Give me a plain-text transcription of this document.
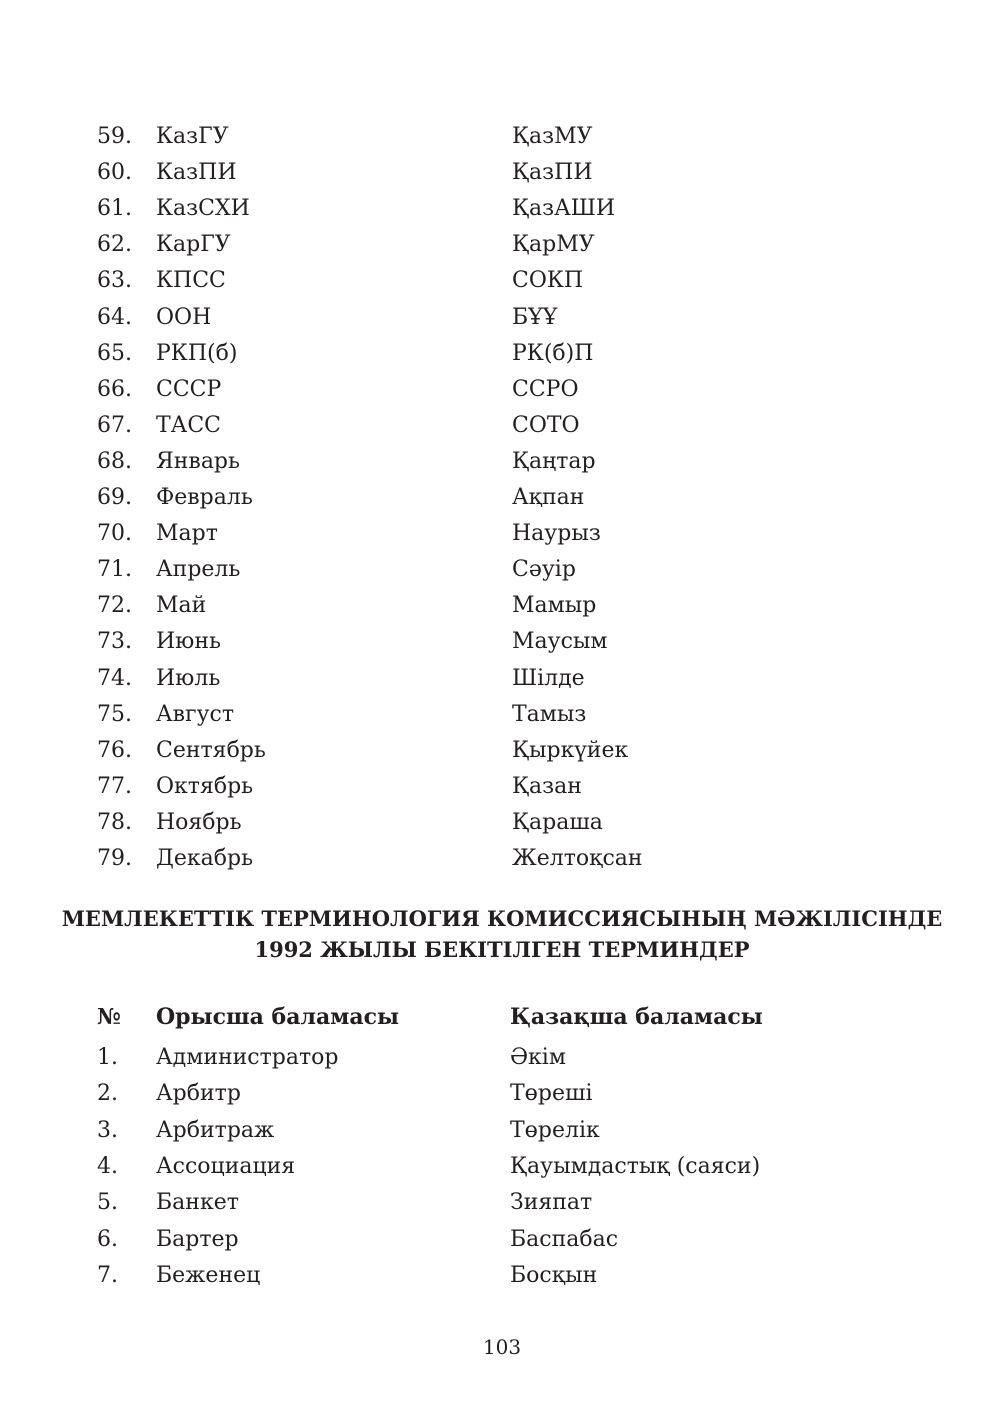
59. КазГУ	ҚазМУ
60. КазПИ	ҚазПИ
61. КазСХИ	ҚазАШИ
62. КарГУ	ҚарМУ
63. КПСС	СОКП
64. ООН	БҰҰ
65. РКП(б)	РК(б)П
66. СССР	ССРО
67. ТАСС	СОТО
68. Январь	Қаңтар
69. Февраль	Ақпан
70. Март	Наурыз
71. Апрель	Сәуір
72. Май	Мамыр
73. Июнь	Маусым
74. Июль	Шілде
75. Август	Тамыз
76. Сентябрь	Қыркүйек
77. Октябрь	Қазан
78. Ноябрь	Қараша
79. Декабрь	Желтоқсан
МЕМЛЕКЕТТІК ТЕРМИНОЛОГИЯ КОМИССИЯСЫНЫҢ МӘЖІЛІСІНДЕ
1992 ЖЫЛЫ БЕКІТІЛГЕН ТЕРМИНДЕР
№ Орысша баламасы	Қазақша баламасы
1. Администратор	Әкім
2. Арбитр	Төреші
3. Арбитраж	Төрелік
4. Ассоциация	Қауымдастық (саяси)
5. Банкет	Зияпат
6. Бартер	Баспабас
7. Беженец	Босқын
103
